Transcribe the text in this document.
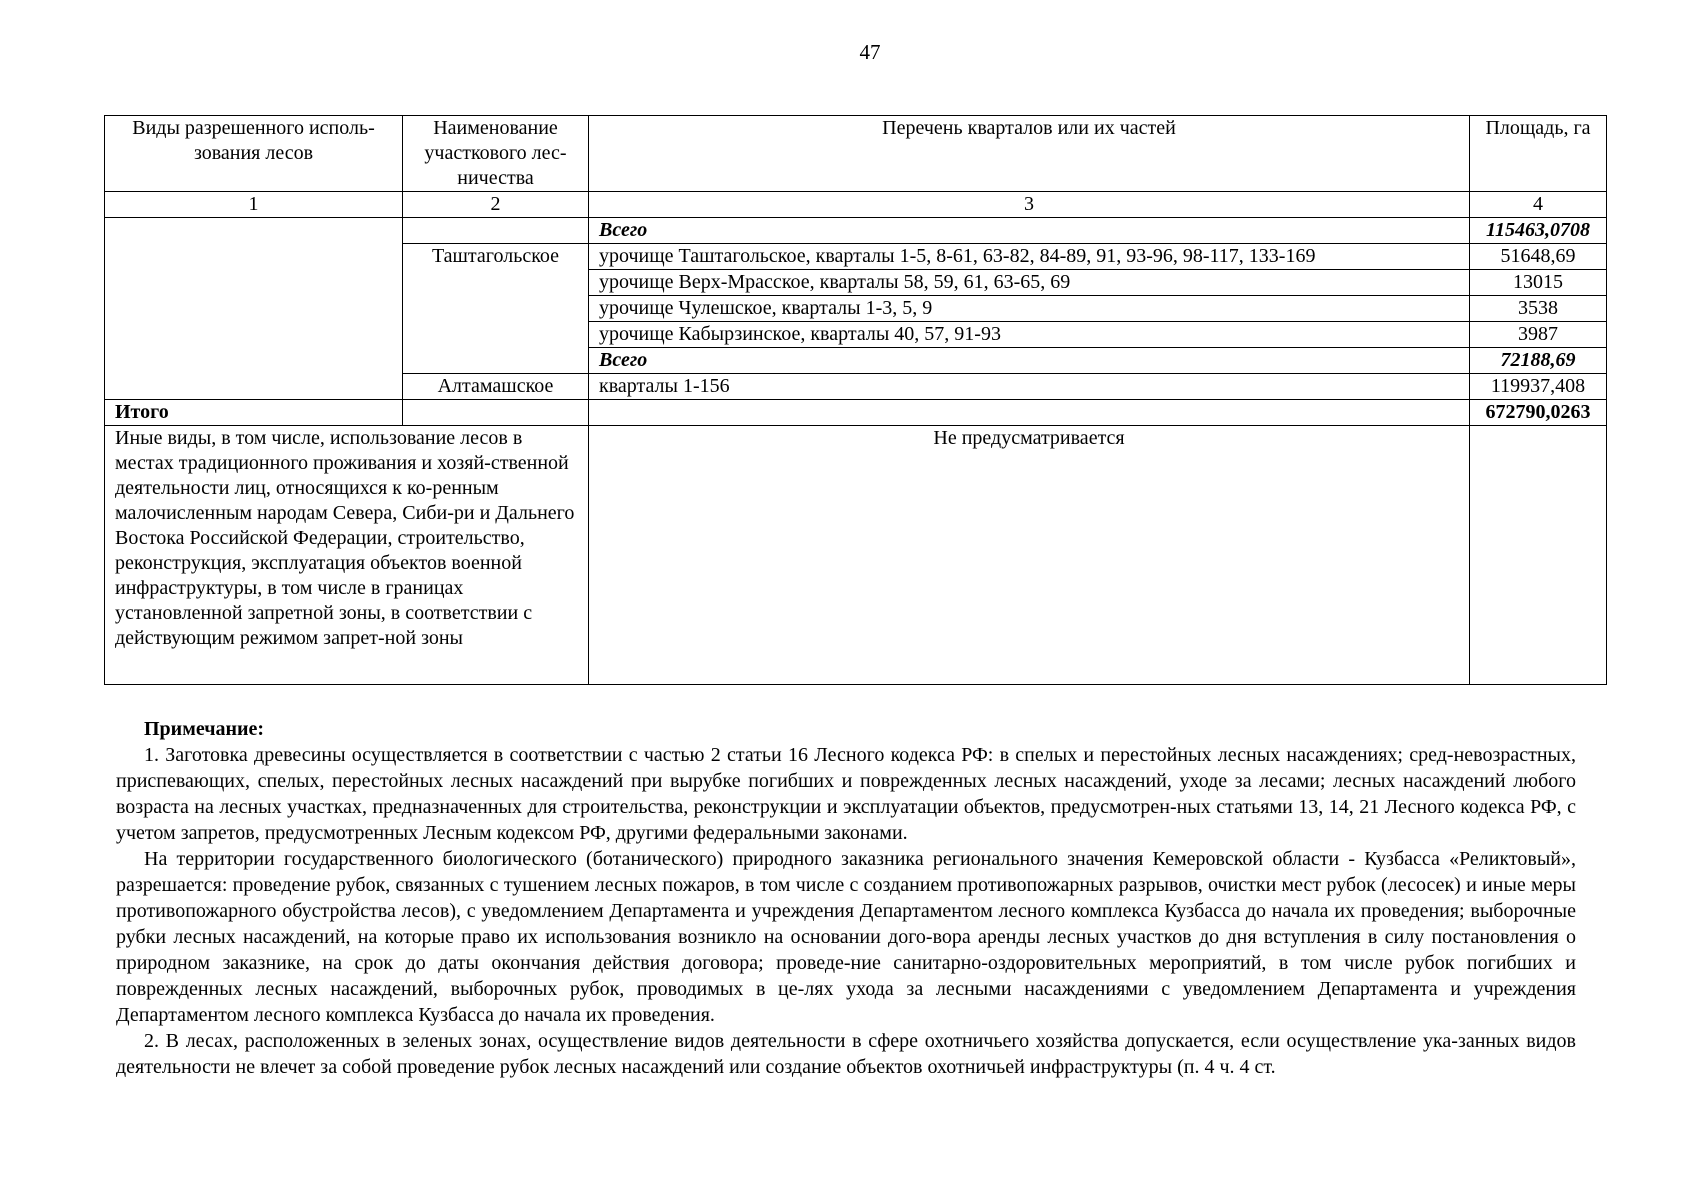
47
Виды разрешенного исполь-зования лесов	Наименование участкового лес-ничества	Перечень кварталов или их частей	Площадь, га
1	2	3	4
		Всего	115463,0708
	Таштагольское	урочище Таштагольское, кварталы 1-5, 8-61, 63-82, 84-89, 91, 93-96, 98-117, 133-169	51648,69
		урочище Верх-Мрасское, кварталы 58, 59, 61, 63-65, 69	13015
		урочище Чулешское, кварталы 1-3, 5, 9	3538
		урочище Кабырзинское, кварталы 40, 57, 91-93	3987
		Всего	72188,69
	Алтамашское	кварталы 1-156	119937,408
Итого			672790,0263
Иные виды, в том числе, использование лесов в местах традиционного проживания и хозяй-ственной деятельности лиц, относящихся к ко-ренным малочисленным народам Севера, Сиби-ри и Дальнего Востока Российской Федерации, строительство, реконструкция, эксплуатация объектов военной инфраструктуры, в том числе в границах установленной запретной зоны, в соответствии с действующим режимом запрет-ной зоны		Не предусматривается	

Примечание:

1. Заготовка древесины осуществляется в соответствии с частью 2 статьи 16 Лесного кодекса РФ: в спелых и перестойных лесных насаждениях; сред-невозрастных, приспевающих, спелых, перестойных лесных насаждений при вырубке погибших и поврежденных лесных насаждений, уходе за лесами; лесных насаждений любого возраста на лесных участках, предназначенных для строительства, реконструкции и эксплуатации объектов, предусмотрен-ных статьями 13, 14, 21 Лесного кодекса РФ, с учетом запретов, предусмотренных Лесным кодексом РФ, другими федеральными законами.

На территории государственного биологического (ботанического) природного заказника регионального значения Кемеровской области - Кузбасса «Реликтовый», разрешается: проведение рубок, связанных с тушением лесных пожаров, в том числе с созданием противопожарных разрывов, очистки мест рубок (лесосек) и иные меры противопожарного обустройства лесов), с уведомлением Департамента и учреждения Департаментом лесного комплекса Кузбасса до начала их проведения; выборочные рубки лесных насаждений, на которые право их использования возникло на основании дого-вора аренды лесных участков до дня вступления в силу постановления о природном заказнике, на срок до даты окончания действия договора; проведе-ние санитарно-оздоровительных мероприятий, в том числе рубок погибших и поврежденных лесных насаждений, выборочных рубок, проводимых в це-лях ухода за лесными насаждениями с уведомлением Департамента и учреждения Департаментом лесного комплекса Кузбасса до начала их проведения.

2. В лесах, расположенных в зеленых зонах, осуществление видов деятельности в сфере охотничьего хозяйства допускается, если осуществление ука-занных видов деятельности не влечет за собой проведение рубок лесных насаждений или создание объектов охотничьей инфраструктуры (п. 4 ч. 4 ст.
